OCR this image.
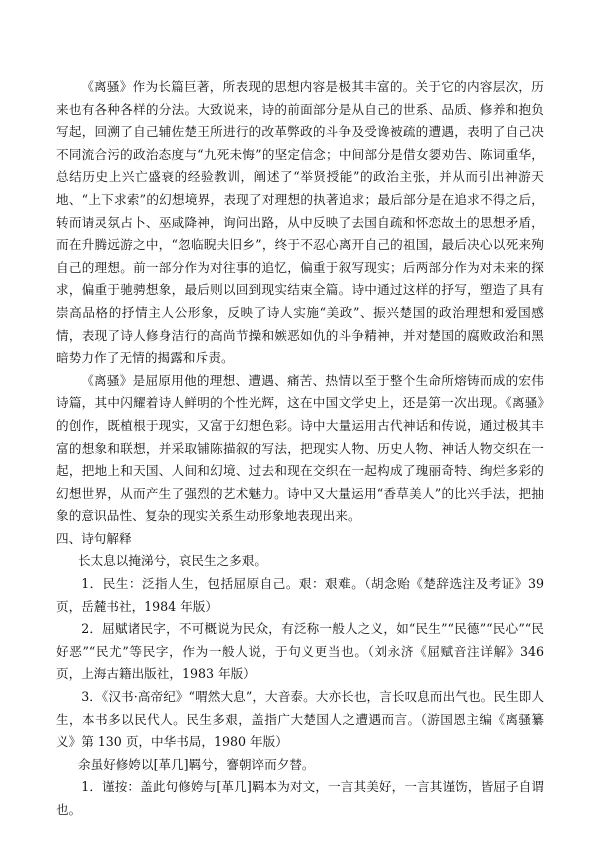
《离骚》作为长篇巨著，所表现的思想内容是极其丰富的。关于它的内容层次，历来也有各种各样的分法。大致说来，诗的前面部分是从自己的世系、品质、修养和抱负写起，回溯了自己辅佐楚王所进行的改革弊政的斗争及受谗被疏的遭遇，表明了自己决不同流合污的政治态度与“九死未悔”的坚定信念；中间部分是借女媭劝告、陈词重华，总结历史上兴亡盛衰的经验教训，阐述了“举贤授能”的政治主张，并从而引出神游天地、“上下求索”的幻想境界，表现了对理想的执著追求；最后部分是在追求不得之后，转而请灵氛占卜、巫咸降神，询问出路，从中反映了去国自疏和怀恋故土的思想矛盾，而在升腾远游之中，“忽临睨夫旧乡”，终于不忍心离开自己的祖国，最后决心以死来殉自己的理想。前一部分作为对往事的追忆，偏重于叙写现实；后两部分作为对未来的探求，偏重于驰骋想象，最后则以回到现实结束全篇。诗中通过这样的抒写，塑造了具有崇高品格的抒情主人公形象，反映了诗人实施“美政”、振兴楚国的政治理想和爱国感情，表现了诗人修身洁行的高尚节操和嫉恶如仇的斗争精神，并对楚国的腐败政治和黑暗势力作了无情的揭露和斥责。

《离骚》是屈原用他的理想、遭遇、痛苦、热情以至于整个生命所熔铸而成的宏伟诗篇，其中闪耀着诗人鲜明的个性光辉，这在中国文学史上，还是第一次出现。《离骚》的创作，既植根于现实，又富于幻想色彩。诗中大量运用古代神话和传说，通过极其丰富的想象和联想，并采取铺陈描叙的写法，把现实人物、历史人物、神话人物交织在一起，把地上和天国、人间和幻境、过去和现在交织在一起构成了瑰丽奇特、绚烂多彩的幻想世界，从而产生了强烈的艺术魅力。诗中又大量运用“香草美人”的比兴手法，把抽象的意识品性、复杂的现实关系生动形象地表现出来。

四、诗句解释

长太息以掩涕兮，哀民生之多艰。

1．民生：泛指人生，包括屈原自己。艰：艰难。（胡念贻《楚辞选注及考证》39 页，岳麓书社，1984 年版）

2．屈赋诸民字，不可概说为民众，有泛称一般人之义，如“民生”“民德”“民心”“民好恶”“民尤”等民字，作为一般人说，于句义更当也。（刘永济《屈赋音注详解》346 页，上海古籍出版社，1983 年版）

3．《汉书·高帝纪》“喟然大息”，大音泰。大亦长也，言长叹息而出气也。民生即人生，本书多以民代人。民生多艰，盖指广大楚国人之遭遇而言。（游国恩主编《离骚纂义》第 130 页，中华书局，1980 年版）

余虽好修姱以[革几]羁兮，謇朝谇而夕替。

1．谨按：盖此句修姱与[革几]羁本为对文，一言其美好，一言其谨饬，皆屈子自谓也。
